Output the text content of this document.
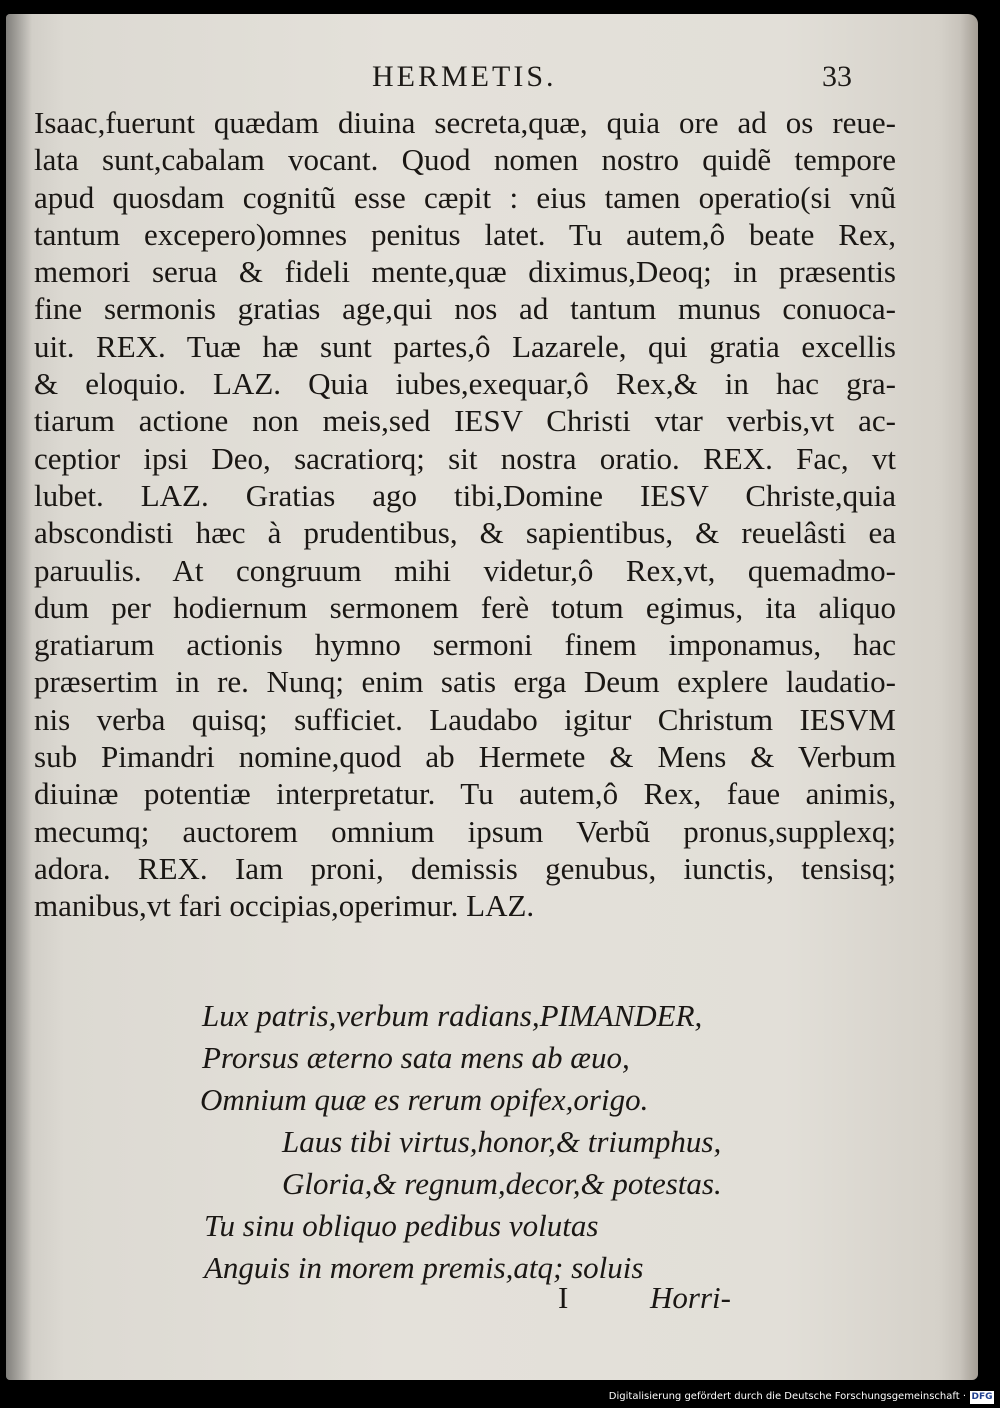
HERMETIS.	33
Isaac,fuerunt quædam diuina secreta,quæ, quia ore ad os reue-
lata sunt,cabalam vocant. Quod nomen nostro quidẽ tempore
apud quosdam cognitũ esse cæpit : eius tamen operatio(si vnũ
tantum excepero)omnes penitus latet. Tu autem,ô beate Rex,
memori serua & fideli mente,quæ diximus,Deoq; in præsentis
fine sermonis gratias age,qui nos ad tantum munus conuoca-
uit. REX. Tuæ hæ sunt partes,ô Lazarele, qui gratia excellis
& eloquio. LAZ. Quia iubes,exequar,ô Rex,& in hac gra-
tiarum actione non meis,sed IESV Christi vtar verbis,vt ac-
ceptior ipsi Deo, sacratiorq; sit nostra oratio. REX. Fac, vt
lubet. LAZ. Gratias ago tibi,Domine IESV Christe,quia
abscondisti hæc à prudentibus, & sapientibus, & reuelâsti ea
paruulis. At congruum mihi videtur,ô Rex,vt, quemadmo-
dum per hodiernum sermonem ferè totum egimus, ita aliquo
gratiarum actionis hymno sermoni finem imponamus, hac
præsertim in re. Nunq; enim satis erga Deum explere laudatio-
nis verba quisq; sufficiet. Laudabo igitur Christum IESVM
sub Pimandri nomine,quod ab Hermete & Mens & Verbum
diuinæ potentiæ interpretatur. Tu autem,ô Rex, faue animis,
mecumq; auctorem omnium ipsum Verbũ pronus,supplexq;
adora. REX. Iam proni, demissis genubus, iunctis, tensisq;
manibus,vt fari occipias,operimur. LAZ.
Lux patris,verbum radians,PIMANDER,
Prorsus æterno sata mens ab æuo,
Omnium quæ es rerum opifex,origo.
Laus tibi virtus,honor,& triumphus,
Gloria,& regnum,decor,& potestas.
Tu sinu obliquo pedibus volutas
Anguis in morem premis,atq; soluis
I	Horri-
Digitalisierung gefördert durch die Deutsche Forschungsgemeinschaft · DFG
